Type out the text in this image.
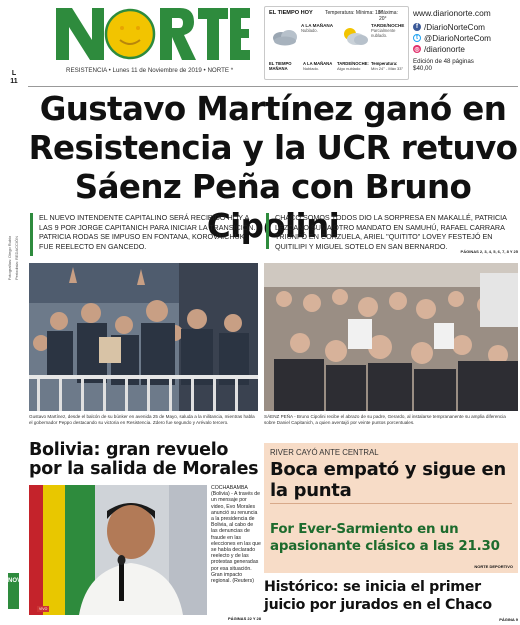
RESISTENCIA • Lunes 11 de Noviembre de 2019 • NORTE *
EL TIEMPO HOY Temperatura: Mínima: 18°
Máxima: 20°
A LA MAÑANA
Nublado.
TARDE/NOCHE
Parcialmente nublado.
EL TIEMPO MAÑANA
A LA MAÑANA
Nublado.
TARDE/NOCHE:
Algo nublado
Temperatura:
Mín 24° - Máx 33°
www.diarionorte.com
f /DiarioNorteCom
t @DiarioNorteCom
◎ /diarionorte
Edición de 48 páginas
$40,00
L
11
Gustavo Martínez ganó en Resistencia y la UCR retuvo Sáenz Peña con Bruno Cipolini
Fotografías: Diego Rubio Periodista: REDACCIÓN
EL NUEVO INTENDENTE CAPITALINO SERÁ RECIBIDO HOY A LAS 9 POR JORGE CAPITANICH PARA INICIAR LA TRANSICIÓN. PATRICIA RODAS SE IMPUSO EN FONTANA, KOROVAICHUK FUE REELECTO EN GANCEDO.
CHACO SOMOS TODOS DIO LA SORPRESA EN MAKALLÉ, PATRICIA LEZCANO SUMA OTRO MANDATO EN SAMUHÚ, RAFAEL CARRARA TRIUNFÓ EN CORZUELA, ARIEL "QUITITO" LOVEY FESTEJÓ EN QUITILIPI Y MIGUEL SOTELO EN SAN BERNARDO.
PÁGINAS 2, 3, 4, 5, 6, 7, 8 Y 25
Gustavo Martínez, desde el balcón de su búnker en avenida 25 de Mayo, saluda a la militancia, mientras habla el gobernador Peppo destacando su victoria en Resistencia. Zdero fue segundo y Arévalo tercero.
SÁENZ PEÑA - Bruno Cipolini recibe el abrazo de su padre, Gerardo, al instalarse temprananente su amplia diferencia sobre Daniel Capitanich, a quien aventajó por veinte puntos porcentuales.
Bolivia: gran revuelo por la salida de Morales
VIVO
COCHABAMBA (Bolivia) - A través de un mensaje por video, Evo Morales anunció su renuncia a la presidencia de Bolivia, al cabo de las denuncias de fraude en las elecciones en las que se había declarado reelecto y de las protestas generadas por esa situación. Gran impacto regional. (Reuters)
PÁGINAS 22 Y 28
NOV
RIVER CAYÓ ANTE CENTRAL
Boca empató y sigue en la punta
For Ever-Sarmiento en un apasionante clásico a las 21.30
NORTE DEPORTIVO
Histórico: se inicia el primer juicio por jurados en el Chaco
PÁGINA 9
